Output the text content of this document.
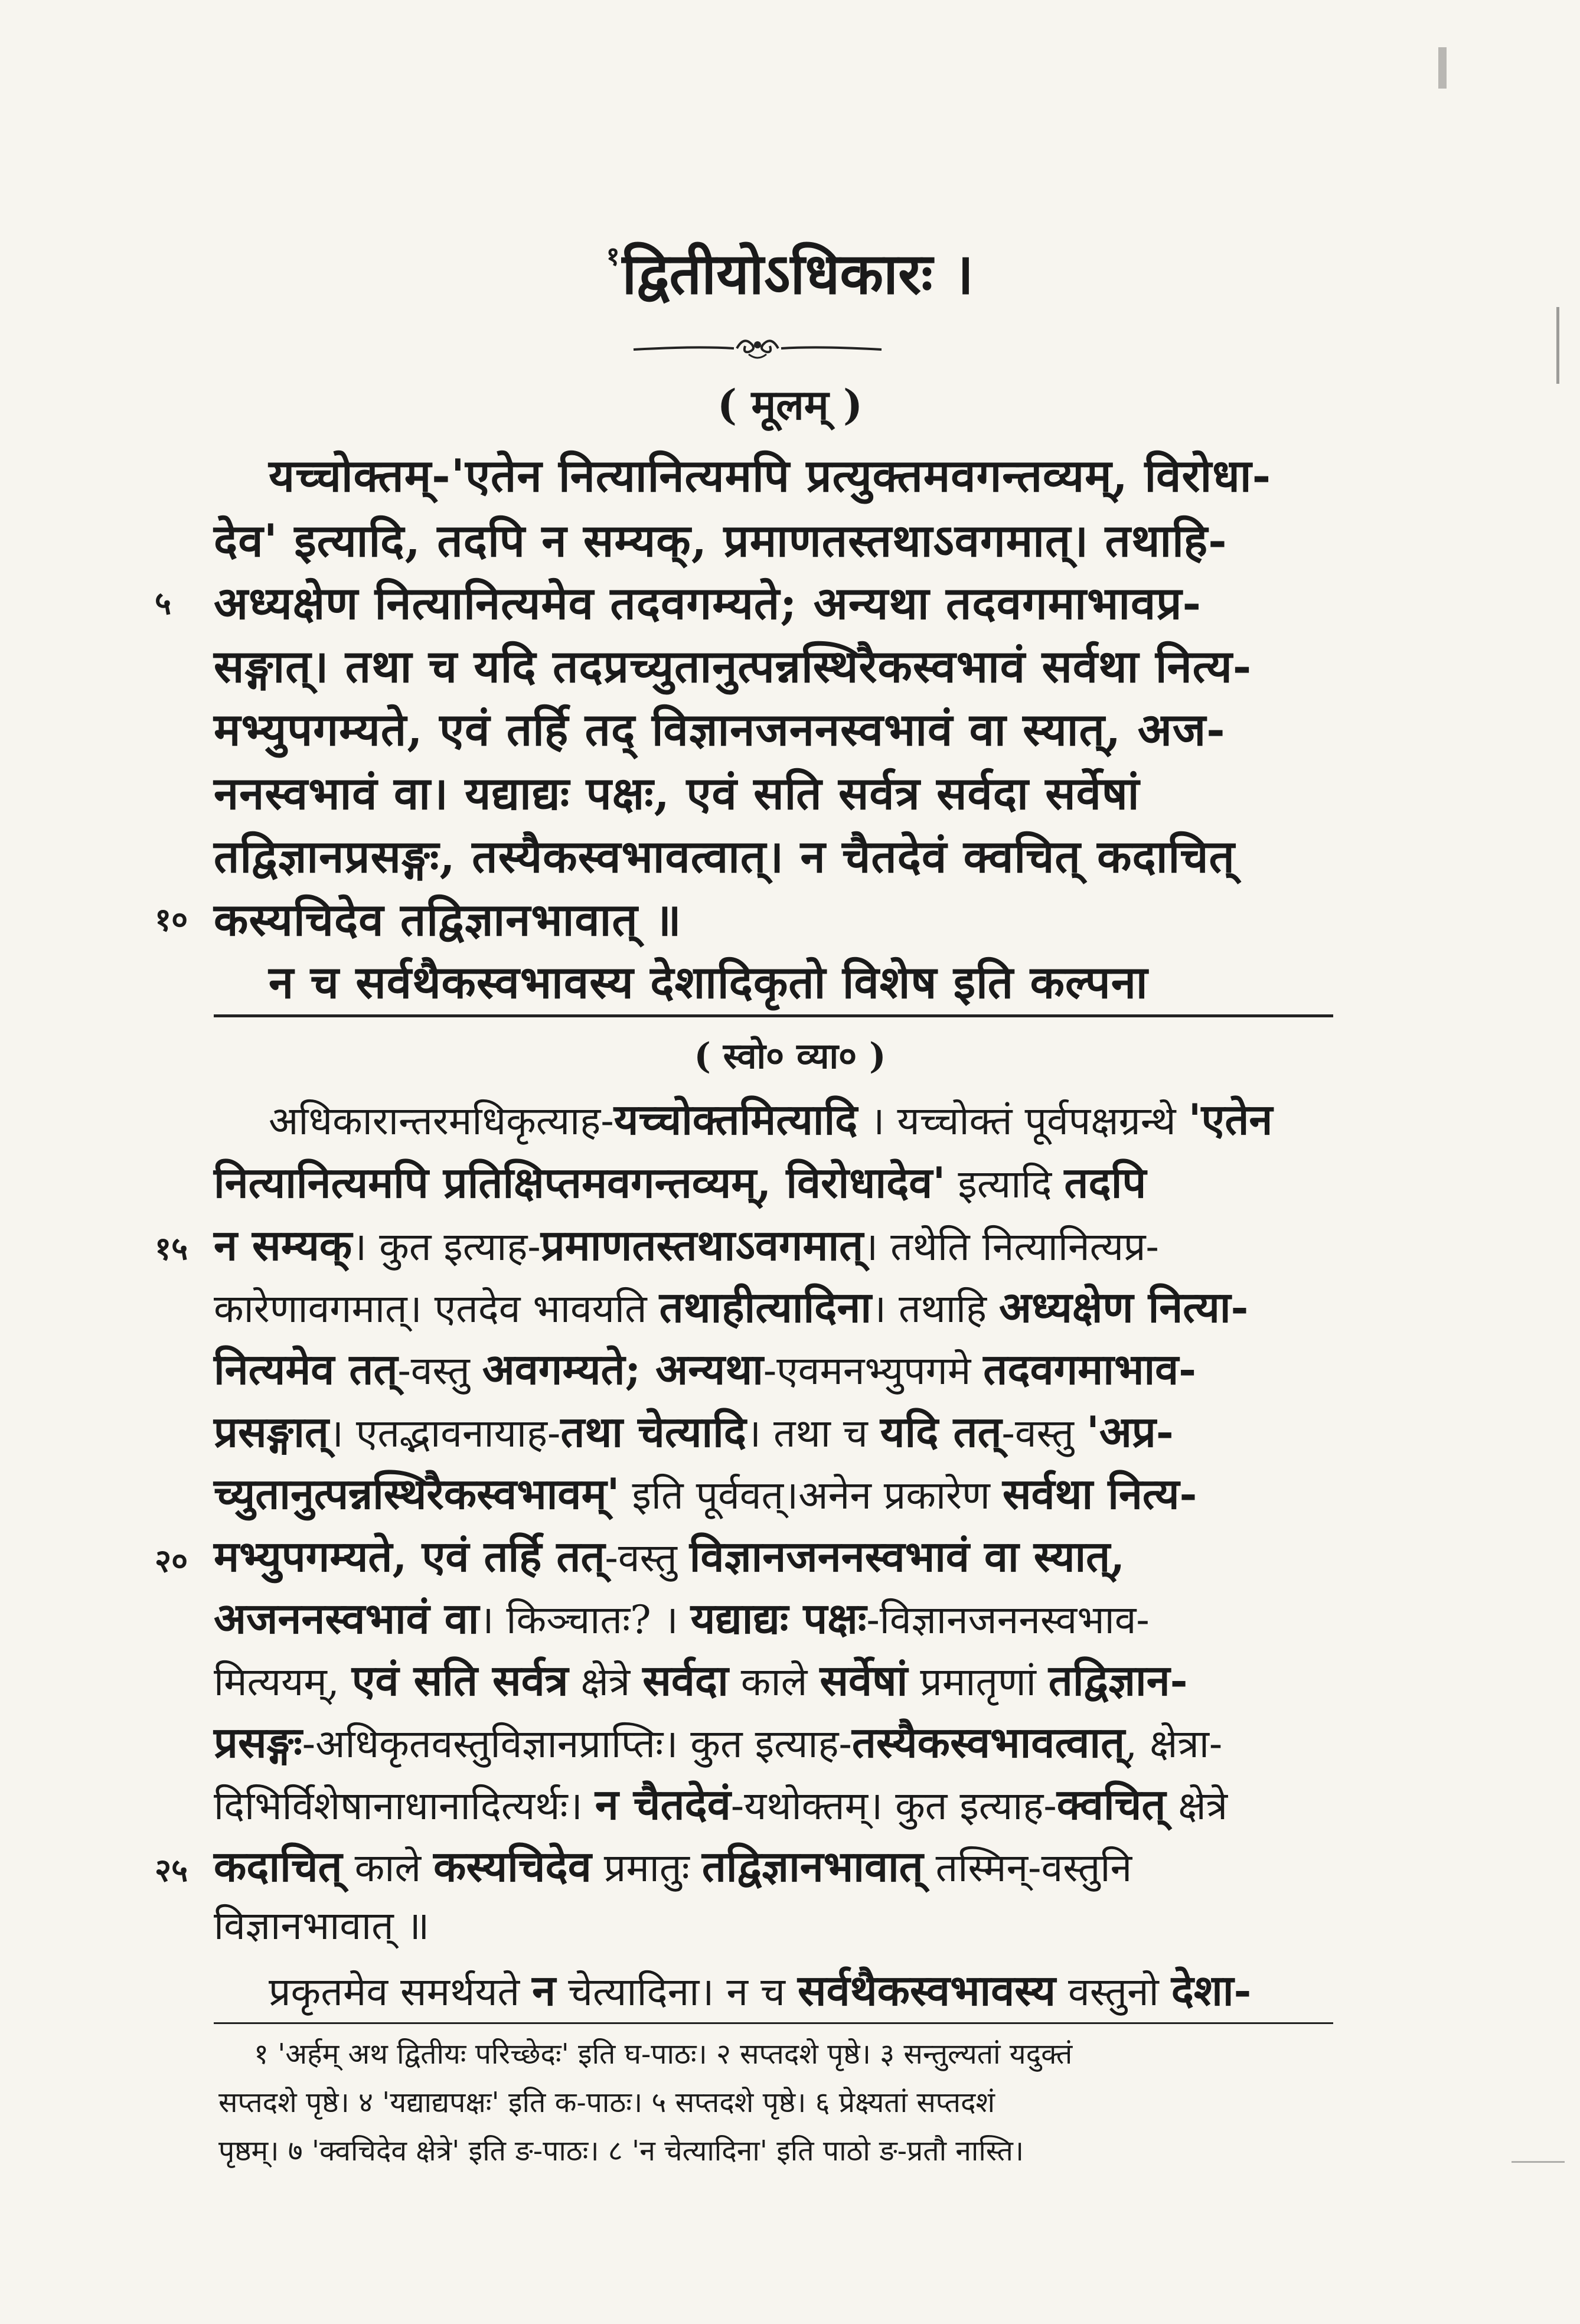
$^१$द्वितीयोऽधिकारः ।
( मूलम् )
यच्चोक्तम्-'एतेन नित्यानित्यमपि प्रत्युक्तमवगन्तव्यम्, विरोधा-
देव' इत्यादि, तदपि न सम्यक्, प्रमाणतस्तथाऽवगमात्। तथाहि-
५ अध्यक्षेण नित्यानित्यमेव तदवगम्यते; अन्यथा तदवगमाभावप्र-
सङ्गात्। तथा च यदि तदप्रच्युतानुत्पन्नस्थिरैकस्वभावं सर्वथा नित्य-
मभ्युपगम्यते, एवं तर्हि तद् विज्ञानजननस्वभावं वा स्यात्, अज-
ननस्वभावं वा। यद्याद्यः पक्षः, एवं सति सर्वत्र सर्वदा सर्वेषां
तद्विज्ञानप्रसङ्गः, तस्यैकस्वभावत्वात्। न चैतदेवं क्वचित् कदाचित्
१० कस्यचिदेव तद्विज्ञानभावात् ॥
न च सर्वथैकस्वभावस्य देशादिकृतो विशेष इति कल्पना
( स्वो० व्या० )
अधिकारान्तरमधिकृत्याह-यच्चोक्तमित्यादि । यच्चोक्तं पूर्वपक्षग्रन्थे 'एतेन
नित्यानित्यमपि प्रतिक्षिप्तमवगन्तव्यम्, विरोधादेव' इत्यादि तदपि
१५ न सम्यक्। कुत इत्याह-प्रमाणतस्तथाऽवगमात्। तथेति नित्यानित्यप्र-
कारेणावगमात्। एतदेव भावयति तथाहीत्यादिना। तथाहि अध्यक्षेण नित्या-
नित्यमेव तत्-वस्तु अवगम्यते; अन्यथा-एवमनभ्युपगमे तदवगमाभाव-
प्रसङ्गात्। एतद्भावनायाह-तथा चेत्यादि। तथा च यदि तत्-वस्तु 'अप्र-
च्युतानुत्पन्नस्थिरैकस्वभावम्' इति पूर्ववत्।अनेन प्रकारेण सर्वथा नित्य-
२० मभ्युपगम्यते, एवं तर्हि तत्-वस्तु विज्ञानजननस्वभावं वा स्यात्,
अजननस्वभावं वा। किञ्चातः? । यद्याद्यः पक्षः-विज्ञानजननस्वभाव-
मित्ययम्, एवं सति सर्वत्र क्षेत्रे सर्वदा काले सर्वेषां प्रमातृणां तद्विज्ञान-
प्रसङ्गः-अधिकृतवस्तुविज्ञानप्राप्तिः। कुत इत्याह-तस्यैकस्वभावत्वात्, क्षेत्रा-
दिभिर्विशेषानाधानादित्यर्थः। न चैतदेवं-यथोक्तम्। कुत इत्याह-क्वचित् क्षेत्रे
२५ कदाचित् काले कस्यचिदेव प्रमातुः तद्विज्ञानभावात् तस्मिन्-वस्तुनि
विज्ञानभावात् ॥
प्रकृतमेव समर्थयते न चेत्यादिना। न च सर्वथैकस्वभावस्य वस्तुनो देशा-
१ 'अर्हम् अथ द्वितीयः परिच्छेदः' इति घ-पाठः। २ सप्तदशे पृष्ठे। ३ सन्तुल्यतां यदुक्तं
सप्तदशे पृष्ठे। ४ 'यद्याद्यपक्षः' इति क-पाठः। ५ सप्तदशे पृष्ठे। ६ प्रेक्ष्यतां सप्तदशं
पृष्ठम्। ७ 'क्वचिदेव क्षेत्रे' इति ङ-पाठः। ८ 'न चेत्यादिना' इति पाठो ङ-प्रतौ नास्ति।
